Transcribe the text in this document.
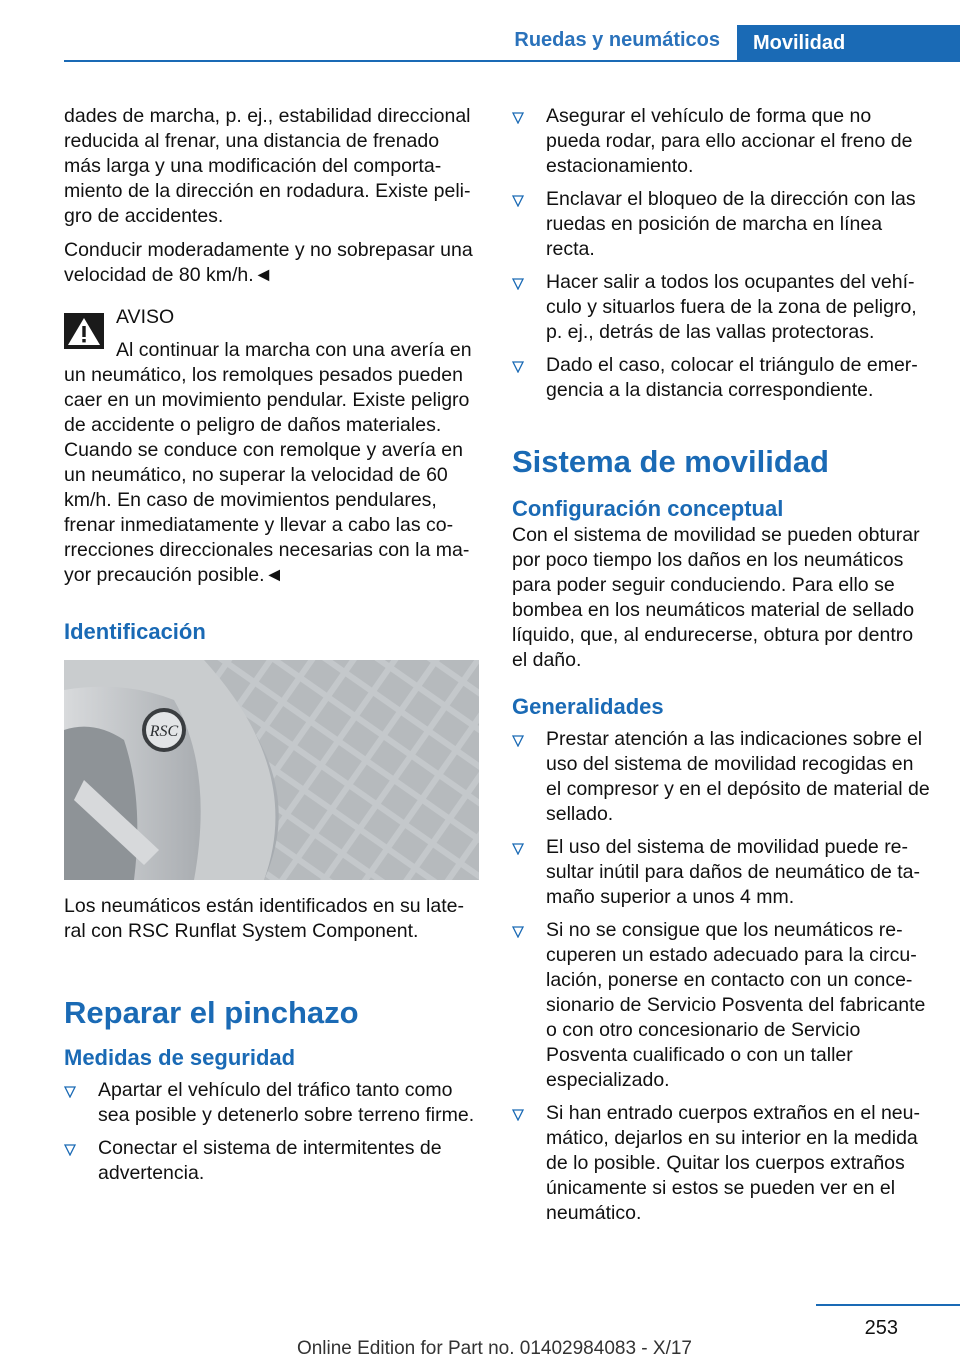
Ruedas y neumáticos	Movilidad

dades de marcha, p. ej., estabilidad direccional reducida al frenar, una distancia de frenado más larga y una modificación del comportamiento de la dirección en rodadura. Existe peligro de accidentes.

Conducir moderadamente y no sobrepasar una velocidad de 80 km/h.◄

AVISO

Al continuar la marcha con una avería en

un neumático, los remolques pesados pueden caer en un movimiento pendular. Existe peligro de accidente o peligro de daños materiales. Cuando se conduce con remolque y avería en un neumático, no superar la velocidad de 60 km/h. En caso de movimientos pendulares, frenar inmediatamente y llevar a cabo las correcciones direccionales necesarias con la mayor precaución posible.◄

Identificación
RSC

Los neumáticos están identificados en su lateral con RSC Runflat System Component.

Reparar el pinchazo
Medidas de seguridad
Apartar el vehículo del tráfico tanto como sea posible y detenerlo sobre terreno firme.
Conectar el sistema de intermitentes de advertencia.
Asegurar el vehículo de forma que no pueda rodar, para ello accionar el freno de estacionamiento.
Enclavar el bloqueo de la dirección con las ruedas en posición de marcha en línea recta.
Hacer salir a todos los ocupantes del vehículo y situarlos fuera de la zona de peligro, p. ej., detrás de las vallas protectoras.
Dado el caso, colocar el triángulo de emergencia a la distancia correspondiente.
Sistema de movilidad
Configuración conceptual

Con el sistema de movilidad se pueden obturar por poco tiempo los daños en los neumáticos para poder seguir conduciendo. Para ello se bombea en los neumáticos material de sellado líquido, que, al endurecerse, obtura por dentro el daño.

Generalidades
Prestar atención a las indicaciones sobre el uso del sistema de movilidad recogidas en el compresor y en el depósito de material de sellado.
El uso del sistema de movilidad puede resultar inútil para daños de neumático de tamaño superior a unos 4 mm.
Si no se consigue que los neumáticos recuperen un estado adecuado para la circulación, ponerse en contacto con un concesionario de Servicio Posventa del fabricante o con otro concesionario de Servicio Posventa cualificado o con un taller especializado.
Si han entrado cuerpos extraños en el neumático, dejarlos en su interior en la medida de lo posible. Quitar los cuerpos extraños únicamente si estos se pueden ver en el neumático.
253
Online Edition for Part no. 01402984083 - X/17
